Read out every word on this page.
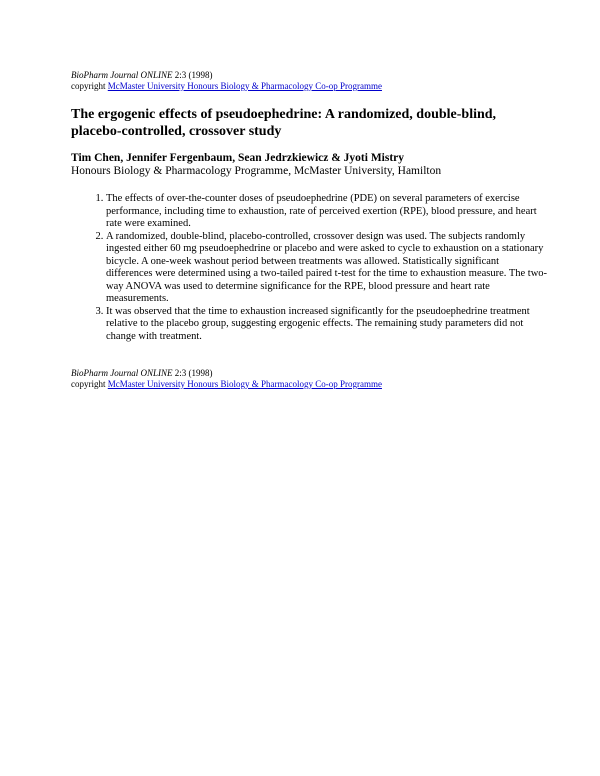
BioPharm Journal ONLINE 2:3 (1998)
copyright McMaster University Honours Biology & Pharmacology Co-op Programme
The ergogenic effects of pseudoephedrine: A randomized, double-blind, placebo-controlled, crossover study

Tim Chen, Jennifer Fergenbaum, Sean Jedrzkiewicz & Jyoti Mistry

Honours Biology & Pharmacology Programme, McMaster University, Hamilton

1. The effects of over-the-counter doses of pseudoephedrine (PDE) on several parameters of exercise performance, including time to exhaustion, rate of perceived exertion (RPE), blood pressure, and heart rate were examined.
2. A randomized, double-blind, placebo-controlled, crossover design was used. The subjects randomly ingested either 60 mg pseudoephedrine or placebo and were asked to cycle to exhaustion on a stationary bicycle. A one-week washout period between treatments was allowed. Statistically significant differences were determined using a two-tailed paired t-test for the time to exhaustion measure. The two-way ANOVA was used to determine significance for the RPE, blood pressure and heart rate measurements.
3. It was observed that the time to exhaustion increased significantly for the pseudoephedrine treatment relative to the placebo group, suggesting ergogenic effects. The remaining study parameters did not change with treatment.
BioPharm Journal ONLINE 2:3 (1998)
copyright McMaster University Honours Biology & Pharmacology Co-op Programme
